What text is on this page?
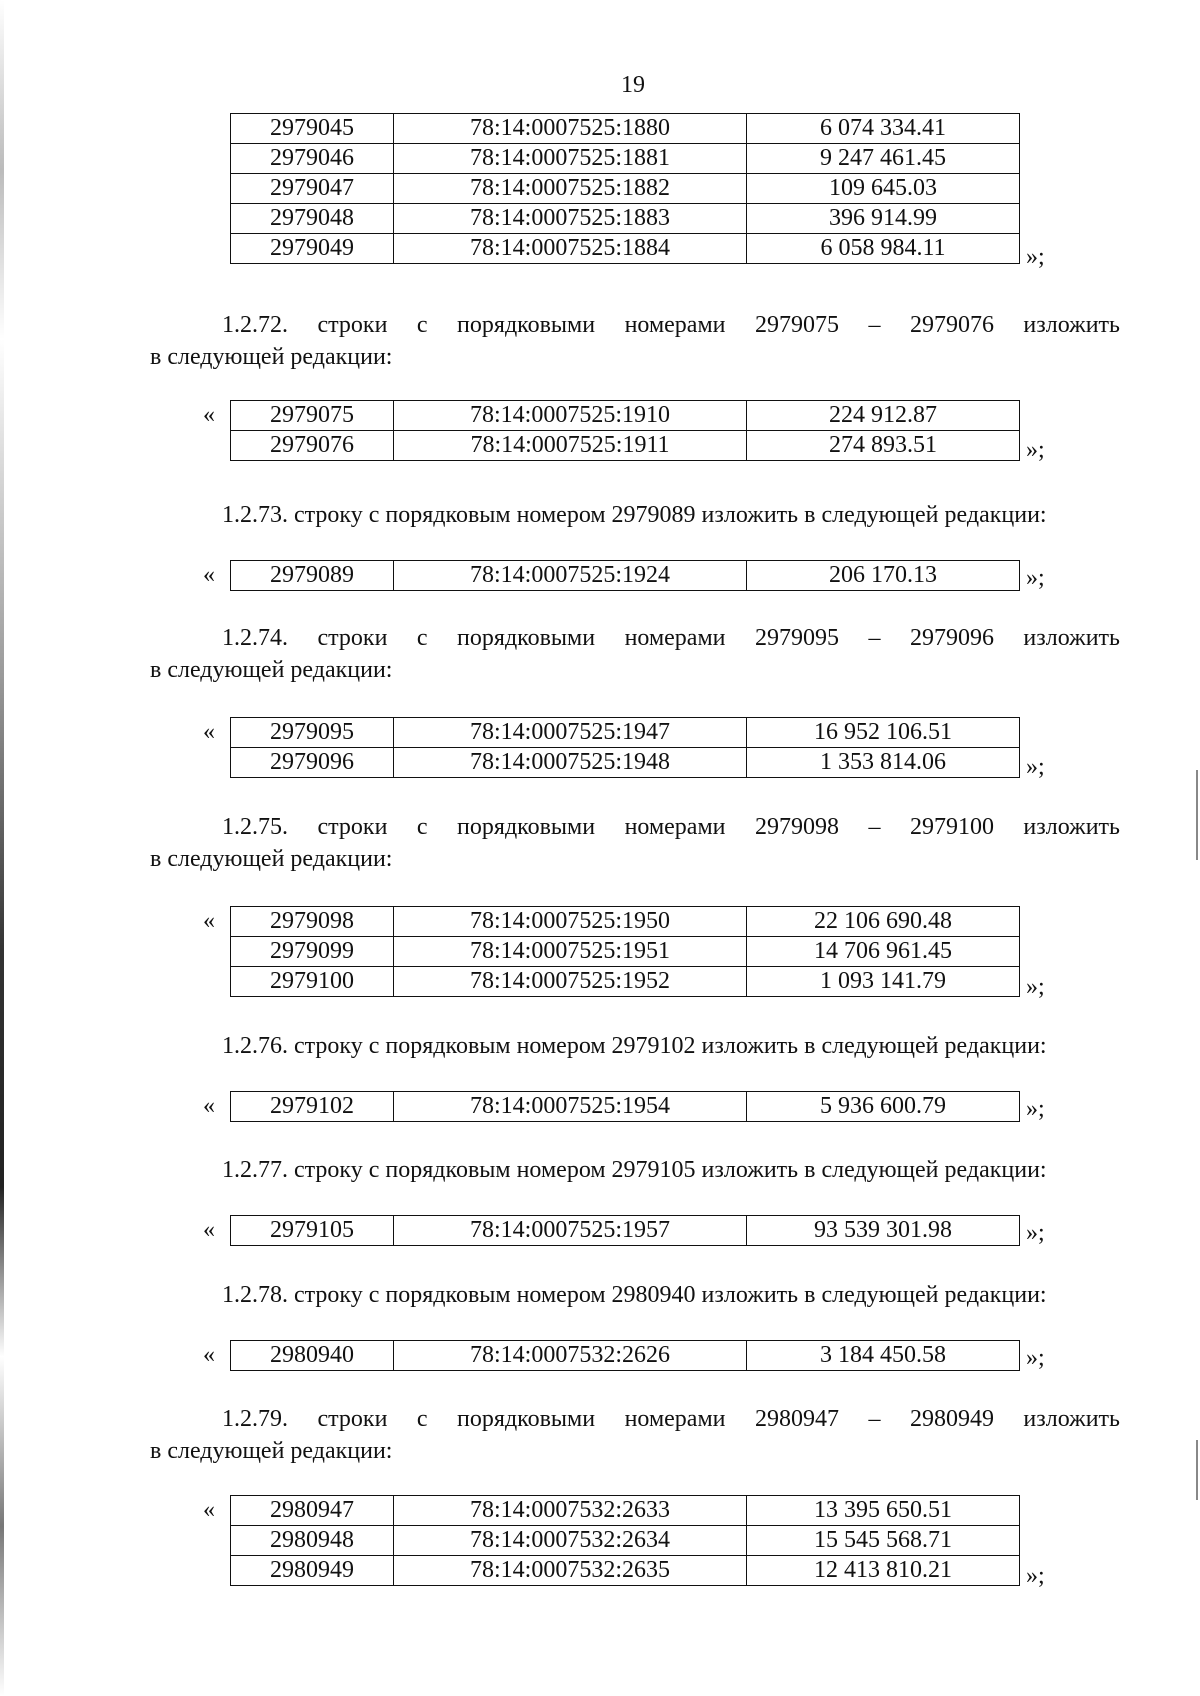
19
2979045	78:14:0007525:1880	6 074 334.41
2979046	78:14:0007525:1881	9 247 461.45
2979047	78:14:0007525:1882	109 645.03
2979048	78:14:0007525:1883	396 914.99
2979049	78:14:0007525:1884	6 058 984.11	»;
1.2.72. строки с порядковыми номерами 2979075 – 2979076 изложить
в следующей редакции:
2979075	78:14:0007525:1910	224 912.87
2979076	78:14:0007525:1911	274 893.51
«
»;
1.2.73. строку с порядковым номером 2979089 изложить в следующей редакции:
2979089	78:14:0007525:1924	206 170.13
«	»;
1.2.74. строки с порядковыми номерами 2979095 – 2979096 изложить
в следующей редакции:
2979095	78:14:0007525:1947	16 952 106.51
2979096	78:14:0007525:1948	1 353 814.06
«
»;
1.2.75. строки с порядковыми номерами 2979098 – 2979100 изложить
в следующей редакции:
2979098	78:14:0007525:1950	22 106 690.48
2979099	78:14:0007525:1951	14 706 961.45
2979100	78:14:0007525:1952	1 093 141.79
«
»;
1.2.76. строку с порядковым номером 2979102 изложить в следующей редакции:
2979102	78:14:0007525:1954	5 936 600.79
«	»;
1.2.77. строку с порядковым номером 2979105 изложить в следующей редакции:
2979105	78:14:0007525:1957	93 539 301.98
«	»;
1.2.78. строку с порядковым номером 2980940 изложить в следующей редакции:
2980940	78:14:0007532:2626	3 184 450.58
«	»;
1.2.79. строки с порядковыми номерами 2980947 – 2980949 изложить
в следующей редакции:
2980947	78:14:0007532:2633	13 395 650.51
2980948	78:14:0007532:2634	15 545 568.71
2980949	78:14:0007532:2635	12 413 810.21
«
»;
